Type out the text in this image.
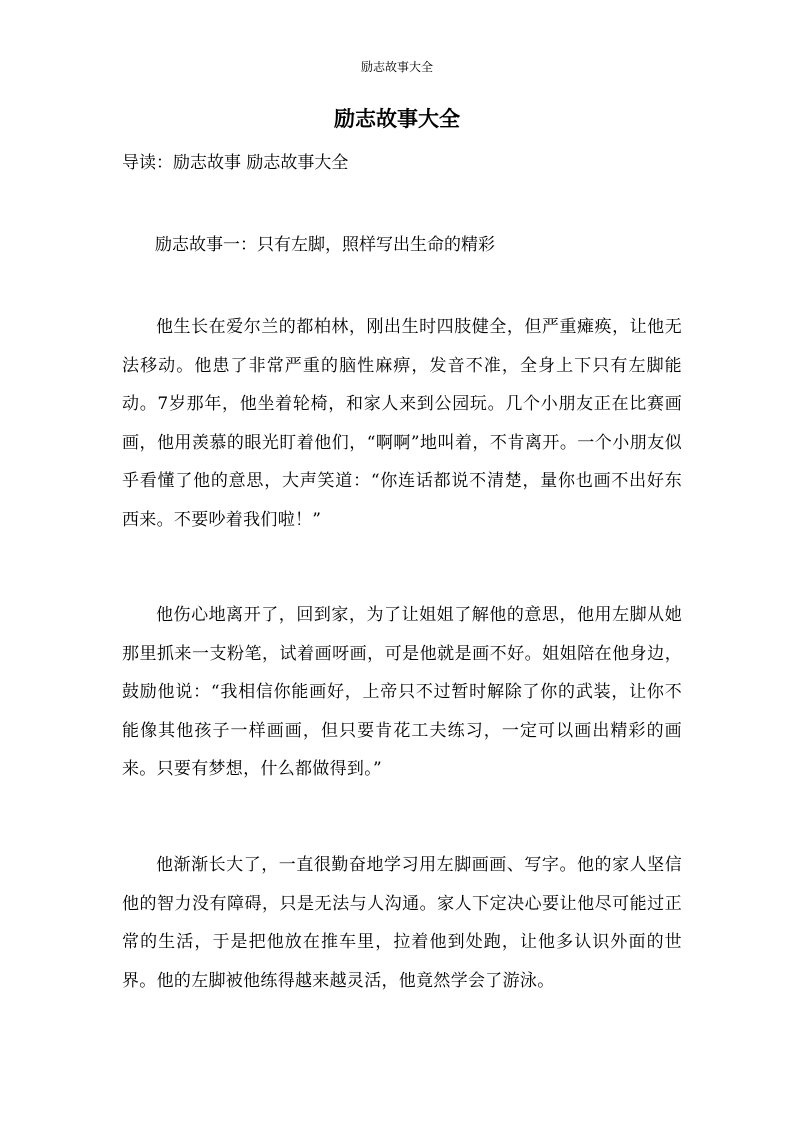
励志故事大全
励志故事大全
导读：励志故事 励志故事大全
励志故事一：只有左脚，照样写出生命的精彩

他生长在爱尔兰的都柏林，刚出生时四肢健全，但严重瘫痪，让他无法移动。他患了非常严重的脑性麻痹，发音不准，全身上下只有左脚能动。7岁那年，他坐着轮椅，和家人来到公园玩。几个小朋友正在比赛画画，他用羡慕的眼光盯着他们，“啊啊”地叫着，不肯离开。一个小朋友似乎看懂了他的意思，大声笑道：“你连话都说不清楚，量你也画不出好东西来。不要吵着我们啦！”

他伤心地离开了，回到家，为了让姐姐了解他的意思，他用左脚从她那里抓来一支粉笔，试着画呀画，可是他就是画不好。姐姐陪在他身边，鼓励他说：“我相信你能画好，上帝只不过暂时解除了你的武装，让你不能像其他孩子一样画画，但只要肯花工夫练习，一定可以画出精彩的画来。只要有梦想，什么都做得到。”

他渐渐长大了，一直很勤奋地学习用左脚画画、写字。他的家人坚信他的智力没有障碍，只是无法与人沟通。家人下定决心要让他尽可能过正常的生活，于是把他放在推车里，拉着他到处跑，让他多认识外面的世界。他的左脚被他练得越来越灵活，他竟然学会了游泳。
